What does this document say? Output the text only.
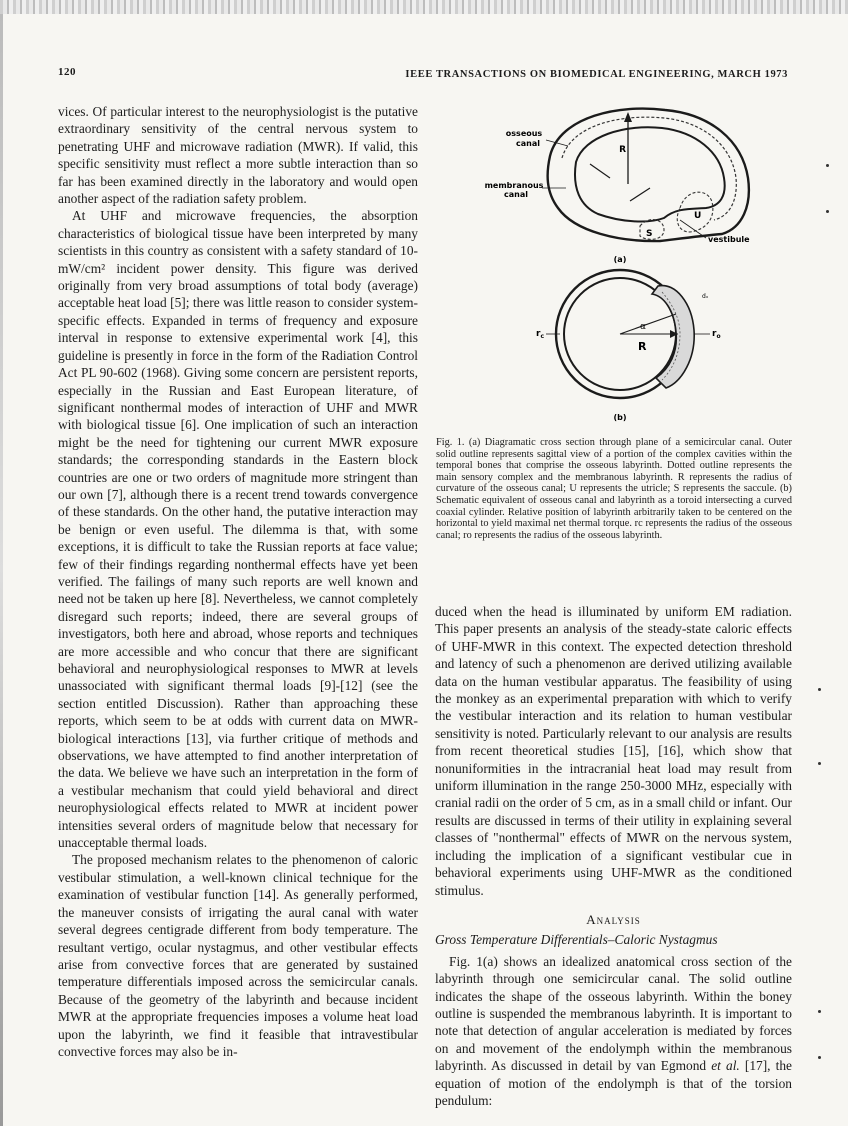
120	IEEE TRANSACTIONS ON BIOMEDICAL ENGINEERING, MARCH 1973

vices. Of particular interest to the neurophysiologist is the putative extraordinary sensitivity of the central nervous system to penetrating UHF and microwave radiation (MWR). If valid, this specific sensitivity must reflect a more subtle interaction than so far has been examined directly in the laboratory and would open another aspect of the radiation safety problem.

At UHF and microwave frequencies, the absorption characteristics of biological tissue have been interpreted by many scientists in this country as consistent with a safety standard of 10-mW/cm² incident power density. This figure was derived originally from very broad assumptions of total body (average) acceptable heat load [5]; there was little reason to consider system-specific effects. Expanded in terms of frequency and exposure interval in response to extensive experimental work [4], this guideline is presently in force in the form of the Radiation Control Act PL 90-602 (1968). Giving some concern are persistent reports, especially in the Russian and East European literature, of significant nonthermal modes of interaction of UHF and MWR with biological tissue [6]. One implication of such an interaction might be the need for tightening our current MWR exposure standards; the corresponding standards in the Eastern block countries are one or two orders of magnitude more stringent than our own [7], although there is a recent trend towards convergence of these standards. On the other hand, the putative interaction may be benign or even useful. The dilemma is that, with some exceptions, it is difficult to take the Russian reports at face value; few of their findings regarding nonthermal effects have yet been verified. The failings of many such reports are well known and need not be taken up here [8]. Nevertheless, we cannot completely disregard such reports; indeed, there are several groups of investigators, both here and abroad, whose reports and techniques are more accessible and who concur that there are significant behavioral and neurophysiological responses to MWR at levels unassociated with significant thermal loads [9]-[12] (see the section entitled Discussion). Rather than approaching these reports, which seem to be at odds with current data on MWR-biological interactions [13], via further critique of methods and observations, we have attempted to find another interpretation of the data. We believe we have such an interpretation in the form of a vestibular mechanism that could yield behavioral and direct neurophysiological effects related to MWR at incident power intensities several orders of magnitude below that necessary for unacceptable thermal loads.

The proposed mechanism relates to the phenomenon of caloric vestibular stimulation, a well-known clinical technique for the examination of vestibular function [14]. As generally performed, the maneuver consists of irrigating the aural canal with water several degrees centigrade different from body temperature. The resultant vertigo, ocular nystagmus, and other vestibular effects arise from convective forces that are generated by sustained temperature differentials imposed across the semicircular canals. Because of the geometry of the labyrinth and because incident MWR at the appropriate frequencies imposes a volume heat load upon the labyrinth, we find it feasible that intravestibular convective forces may also be in-

osseous
canal
membranous
canal
R
U
S
vestibule
(a)
α
R
$r_c$	$r_o$
dₓ
(b)
Fig. 1. (a) Diagramatic cross section through plane of a semicircular canal. Outer solid outline represents sagittal view of a portion of the complex cavities within the temporal bones that comprise the osseous labyrinth. Dotted outline represents the main sensory complex and the membranous labyrinth. R represents the radius of curvature of the osseous canal; U represents the utricle; S represents the saccule. (b) Schematic equivalent of osseous canal and labyrinth as a toroid intersecting a curved coaxial cylinder. Relative position of labyrinth arbitrarily taken to be centered on the horizontal to yield maximal net thermal torque. rc represents the radius of the osseous canal; ro represents the radius of the osseous labyrinth.

duced when the head is illuminated by uniform EM radiation. This paper presents an analysis of the steady-state caloric effects of UHF-MWR in this context. The expected detection threshold and latency of such a phenomenon are derived utilizing available data on the human vestibular apparatus. The feasibility of using the monkey as an experimental preparation with which to verify the vestibular interaction and its relation to human vestibular sensitivity is noted. Particularly relevant to our analysis are results from recent theoretical studies [15], [16], which show that nonuniformities in the intracranial heat load may result from uniform illumination in the range 250-3000 MHz, especially with cranial radii on the order of 5 cm, as in a small child or infant. Our results are discussed in terms of their utility in explaining several classes of "nonthermal" effects of MWR on the nervous system, including the implication of a significant vestibular cue in behavioral experiments using UHF-MWR as the conditioned stimulus.

Analysis
Gross Temperature Differentials–Caloric Nystagmus
Fig. 1(a) shows an idealized anatomical cross section of the labyrinth through one semicircular canal. The solid outline indicates the shape of the osseous labyrinth. Within the boney outline is suspended the membranous labyrinth. It is important to note that detection of angular acceleration is mediated by forces on and movement of the endolymph within the membranous labyrinth. As discussed in detail by van Egmond et al. [17], the equation of motion of the endolymph is that of the torsion pendulum:
